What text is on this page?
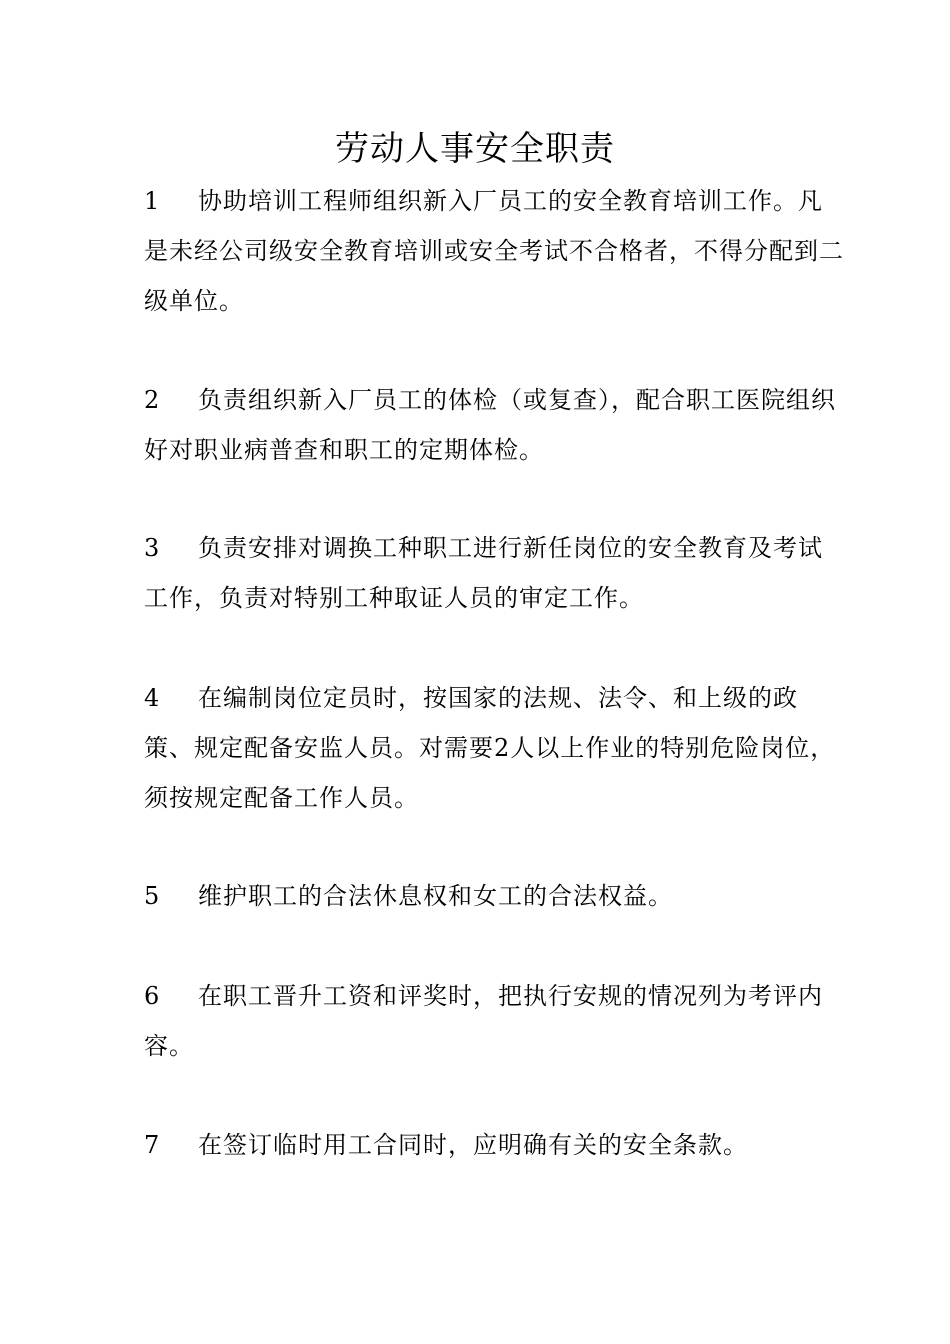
劳动人事安全职责
1 协助培训工程师组织新入厂员工的安全教育培训工作。凡是未经公司级安全教育培训或安全考试不合格者，不得分配到二级单位。
2 负责组织新入厂员工的体检（或复查），配合职工医院组织好对职业病普查和职工的定期体检。
3 负责安排对调换工种职工进行新任岗位的安全教育及考试工作，负责对特别工种取证人员的审定工作。
4 在编制岗位定员时，按国家的法规、法令、和上级的政策、规定配备安监人员。对需要2人以上作业的特别危险岗位，须按规定配备工作人员。
5 维护职工的合法休息权和女工的合法权益。
6 在职工晋升工资和评奖时，把执行安规的情况列为考评内容。
7 在签订临时用工合同时，应明确有关的安全条款。
